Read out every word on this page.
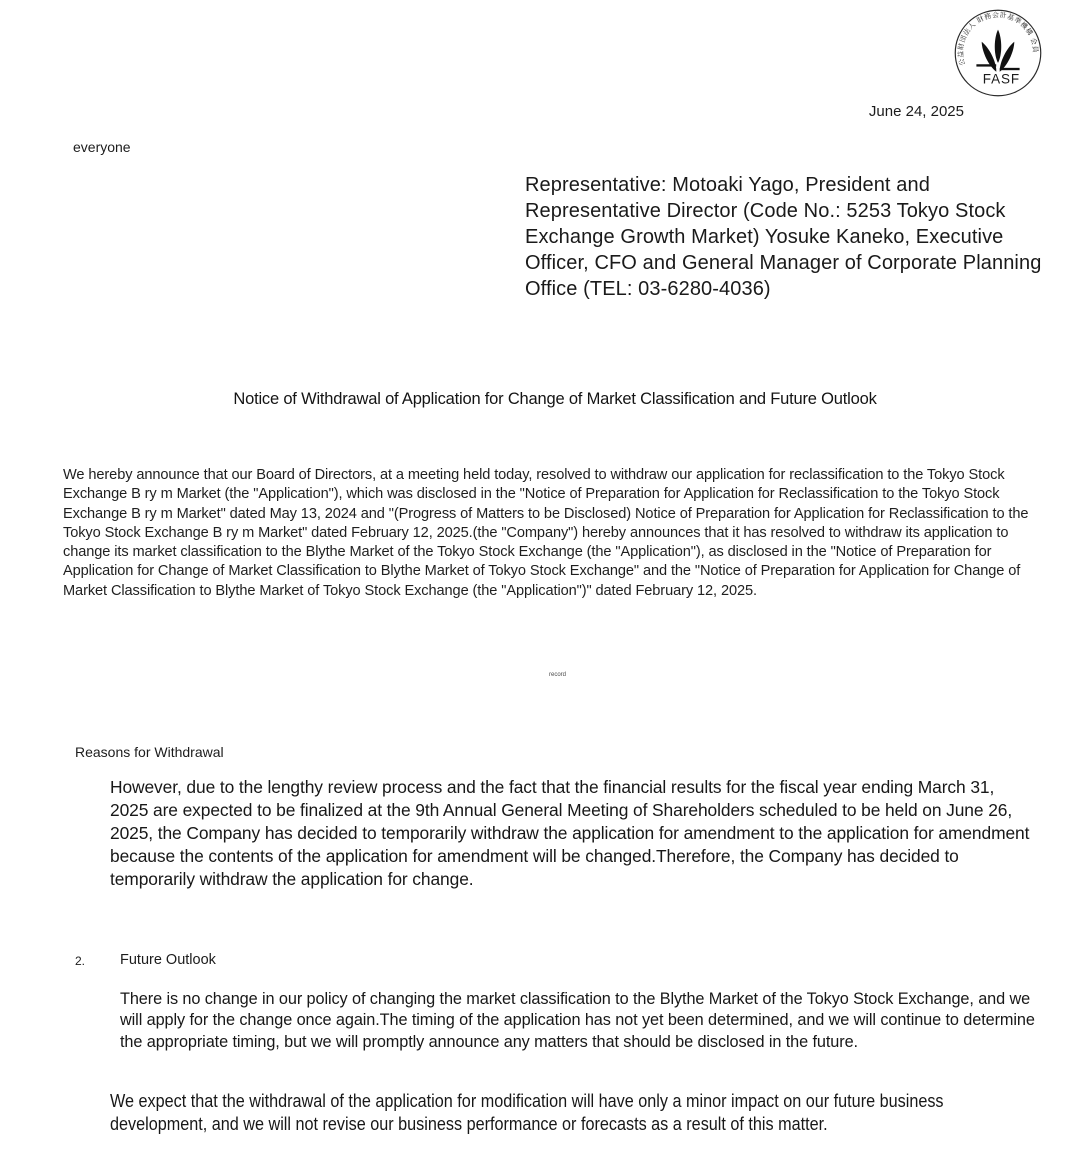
公益財団法人 財務会計基準機構 会員
FASF
June 24, 2025
everyone
Representative: Motoaki Yago, President and Representative Director (Code No.: 5253 Tokyo Stock Exchange Growth Market) Yosuke Kaneko, Executive Officer, CFO and General Manager of Corporate Planning Office (TEL: 03-6280-4036)
Notice of Withdrawal of Application for Change of Market Classification and Future Outlook
We hereby announce that our Board of Directors, at a meeting held today, resolved to withdraw our application for reclassification to the Tokyo Stock Exchange B ry m Market (the "Application"), which was disclosed in the "Notice of Preparation for Application for Reclassification to the Tokyo Stock Exchange B ry m Market" dated May 13, 2024 and "(Progress of Matters to be Disclosed) Notice of Preparation for Application for Reclassification to the Tokyo Stock Exchange B ry m Market" dated February 12, 2025.(the "Company") hereby announces that it has resolved to withdraw its application to change its market classification to the Blythe Market of the Tokyo Stock Exchange (the "Application"), as disclosed in the "Notice of Preparation for Application for Change of Market Classification to Blythe Market of Tokyo Stock Exchange" and the "Notice of Preparation for Application for Change of Market Classification to Blythe Market of Tokyo Stock Exchange (the "Application")" dated February 12, 2025.
record
Reasons for Withdrawal
However, due to the lengthy review process and the fact that the financial results for the fiscal year ending March 31, 2025 are expected to be finalized at the 9th Annual General Meeting of Shareholders scheduled to be held on June 26, 2025, the Company has decided to temporarily withdraw the application for amendment to the application for amendment because the contents of the application for amendment will be changed.Therefore, the Company has decided to temporarily withdraw the application for change.
2. Future Outlook
There is no change in our policy of changing the market classification to the Blythe Market of the Tokyo Stock Exchange, and we will apply for the change once again.The timing of the application has not yet been determined, and we will continue to determine the appropriate timing, but we will promptly announce any matters that should be disclosed in the future.
We expect that the withdrawal of the application for modification will have only a minor impact on our future business development, and we will not revise our business performance or forecasts as a result of this matter.
